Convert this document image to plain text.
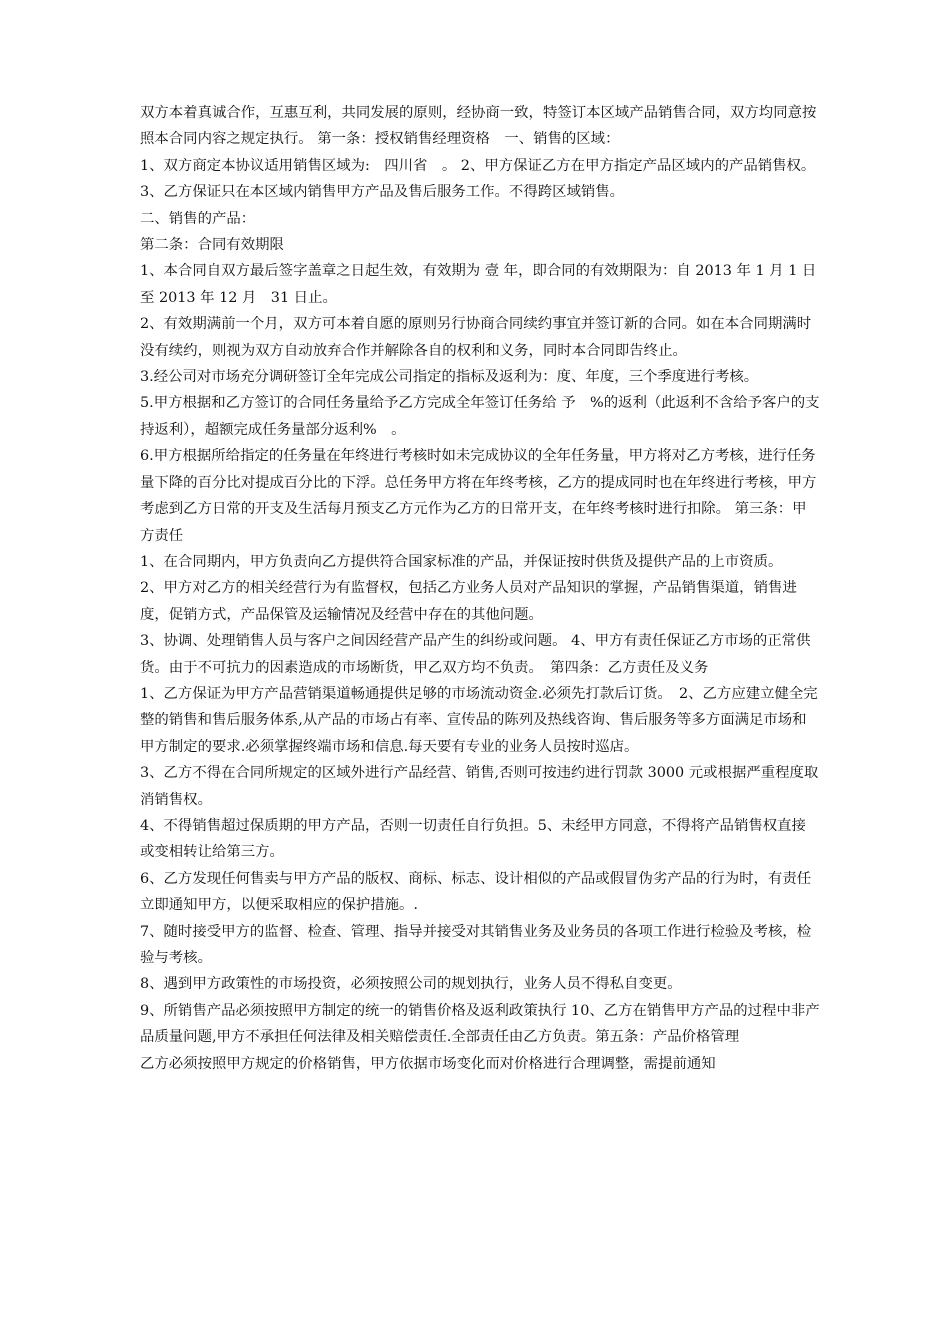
双方本着真诚合作，互惠互利，共同发展的原则，经协商一致，特签订本区域产品销售合同，双方均同意按照本合同内容之规定执行。 第一条：授权销售经理资格　一、销售的区域：

1、双方商定本协议适用销售区域为:　四川省　。 2、甲方保证乙方在甲方指定产品区域内的产品销售权。

3、乙方保证只在本区域内销售甲方产品及售后服务工作。不得跨区域销售。

二、销售的产品：

第二条：合同有效期限

1、本合同自双方最后签字盖章之日起生效，有效期为 壹 年，即合同的有效期限为：自 2013 年 1 月 1 日至 2013 年 12 月　31 日止。

2、有效期满前一个月，双方可本着自愿的原则另行协商合同续约事宜并签订新的合同。如在本合同期满时没有续约，则视为双方自动放弃合作并解除各自的权利和义务，同时本合同即告终止。

3.经公司对市场充分调研签订全年完成公司指定的指标及返利为：度、年度，三个季度进行考核。

5.甲方根据和乙方签订的合同任务量给予乙方完成全年签订任务给 予　%的返利（此返利不含给予客户的支持返利），超额完成任务量部分返利%　。

6.甲方根据所给指定的任务量在年终进行考核时如未完成协议的全年任务量，甲方将对乙方考核，进行任务量下降的百分比对提成百分比的下浮。总任务甲方将在年终考核，乙方的提成同时也在年终进行考核，甲方考虑到乙方日常的开支及生活每月预支乙方元作为乙方的日常开支，在年终考核时进行扣除。 第三条：甲方责任

1、在合同期内，甲方负责向乙方提供符合国家标准的产品，并保证按时供货及提供产品的上市资质。

2、甲方对乙方的相关经营行为有监督权，包括乙方业务人员对产品知识的掌握，产品销售渠道，销售进度，促销方式，产品保管及运输情况及经营中存在的其他问题。

3、协调、处理销售人员与客户之间因经营产品产生的纠纷或问题。 4、甲方有责任保证乙方市场的正常供货。由于不可抗力的因素造成的市场断货，甲乙双方均不负责。　第四条：乙方责任及义务

1、乙方保证为甲方产品营销渠道畅通提供足够的市场流动资金.必须先打款后订货。　2、乙方应建立健全完整的销售和售后服务体系,从产品的市场占有率、宣传品的陈列及热线咨询、售后服务等多方面满足市场和甲方制定的要求.必须掌握终端市场和信息.每天要有专业的业务人员按时巡店。

3、乙方不得在合同所规定的区域外进行产品经营、销售,否则可按违约进行罚款 3000 元或根据严重程度取消销售权。

4、不得销售超过保质期的甲方产品，否则一切责任自行负担。5、未经甲方同意，不得将产品销售权直接或变相转让给第三方。

6、乙方发现任何售卖与甲方产品的版权、商标、标志、设计相似的产品或假冒伪劣产品的行为时，有责任立即通知甲方，以便采取相应的保护措施。.

7、随时接受甲方的监督、检查、管理、指导并接受对其销售业务及业务员的各项工作进行检验及考核，检验与考核。

8、遇到甲方政策性的市场投资，必须按照公司的规划执行，业务人员不得私自变更。

9、所销售产品必须按照甲方制定的统一的销售价格及返利政策执行 10、乙方在销售甲方产品的过程中非产品质量问题,甲方不承担任何法律及相关赔偿责任.全部责任由乙方负责。第五条：产品价格管理

乙方必须按照甲方规定的价格销售，甲方依据市场变化而对价格进行合理调整，需提前通知
